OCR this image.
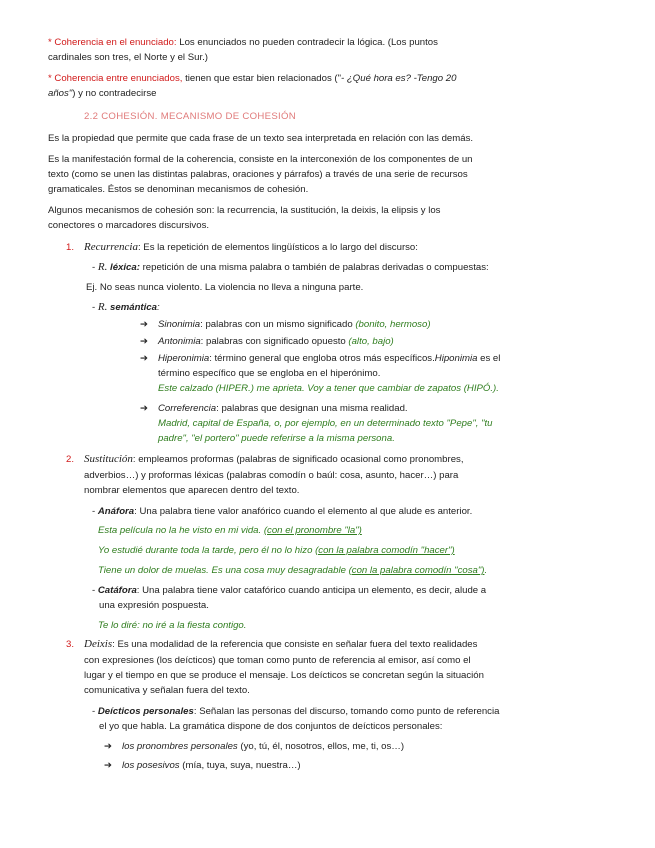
* Coherencia en el enunciado: Los enunciados no pueden contradecir la lógica. (Los puntos
cardinales son tres, el Norte y el Sur.)
* Coherencia entre enunciados, tienen que estar bien relacionados ("- ¿Qué hora es? -Tengo 20
años") y no contradecirse
2.2 COHESIÓN. MECANISMO DE COHESIÓN
Es la propiedad que permite que cada frase de un texto sea interpretada en relación con las demás.
Es la manifestación formal de la coherencia, consiste en la interconexión de los componentes de un
texto (como se unen las distintas palabras, oraciones y párrafos) a través de una serie de recursos
gramaticales. Éstos se denominan mecanismos de cohesión.
Algunos mecanismos de cohesión son: la recurrencia, la sustitución, la deixis, la elipsis y los
conectores o marcadores discursivos.
1. Recurrencia: Es la repetición de elementos lingüísticos a lo largo del discurso:
- R. léxica: repetición de una misma palabra o también de palabras derivadas o compuestas:
Ej. No seas nunca violento. La violencia no lleva a ninguna parte.
- R. semántica:
➔ Sinonimia: palabras con un mismo significado (bonito, hermoso)
➔ Antonimia: palabras con significado opuesto (alto, bajo)
➔ Hiperonimia: término general que engloba otros más específicos.Hiponimia es el
término específico que se engloba en el hiperónimo.
Este calzado (HIPER.) me aprieta. Voy a tener que cambiar de zapatos (HIPÓ.).
➔ Correferencia: palabras que designan una misma realidad.
Madrid, capital de España, o, por ejemplo, en un determinado texto "Pepe", "tu
padre", "el portero" puede referirse a la misma persona.
2. Sustitución: empleamos proformas (palabras de significado ocasional como pronombres,
adverbios…) y proformas léxicas (palabras comodín o baúl: cosa, asunto, hacer…) para
nombrar elementos que aparecen dentro del texto.
- Anáfora: Una palabra tiene valor anafórico cuando el elemento al que alude es anterior.
Esta película no la he visto en mi vida. (con el pronombre "la")
Yo estudié durante toda la tarde, pero él no lo hizo (con la palabra comodín "hacer")
Tiene un dolor de muelas. Es una cosa muy desagradable (con la palabra comodín "cosa").
- Catáfora: Una palabra tiene valor catafórico cuando anticipa un elemento, es decir, alude a
una expresión pospuesta.
Te lo diré: no iré a la fiesta contigo.
3. Deixis: Es una modalidad de la referencia que consiste en señalar fuera del texto realidades
con expresiones (los deícticos) que toman como punto de referencia al emisor, así como el
lugar y el tiempo en que se produce el mensaje. Los deícticos se concretan según la situación
comunicativa y señalan fuera del texto.
- Deícticos personales: Señalan las personas del discurso, tomando como punto de referencia
el yo que habla. La gramática dispone de dos conjuntos de deícticos personales:
➔ los pronombres personales (yo, tú, él, nosotros, ellos, me, ti, os…)
➔ los posesivos (mía, tuya, suya, nuestra…)
